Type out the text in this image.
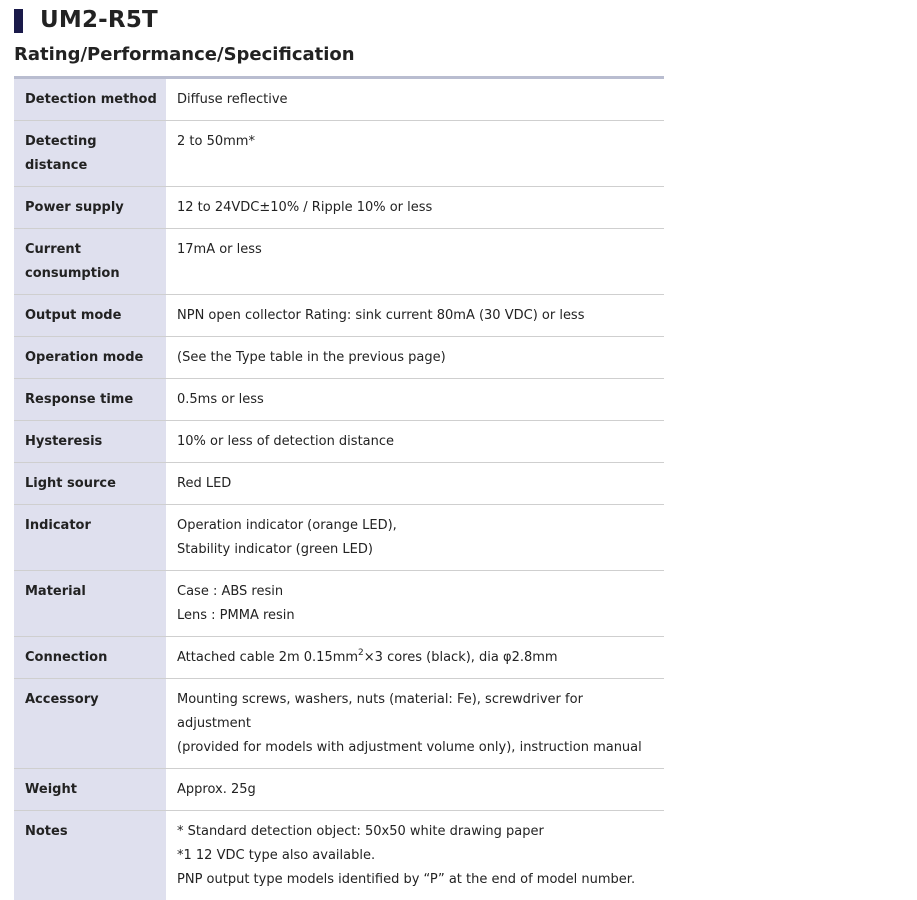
UM2-R5T
Rating/Performance/Specification
Detection method	Diffuse reflective

Detecting distance	2 to 50mm*

Power supply	12 to 24VDC±10% / Ripple 10% or less

Current consumption	17mA or less

Output mode	NPN open collector Rating: sink current 80mA (30 VDC) or less

Operation mode	(See the Type table in the previous page)

Response time	0.5ms or less

Hysteresis	10% or less of detection distance

Light source	Red LED

Indicator	Operation indicator (orange LED),
Stability indicator (green LED)

Material	Case : ABS resin
Lens : PMMA resin

Connection	Attached cable 2m $0.15mm^2\times 3$ cores (black), dia φ2.8mm

Accessory	Mounting screws, washers, nuts (material: Fe), screwdriver for adjustment
(provided for models with adjustment volume only), instruction manual

Weight	Approx. 25g

Notes	* Standard detection object: 50x50 white drawing paper
*1 12 VDC type also available.
PNP output type models identified by “P” at the end of model number.
